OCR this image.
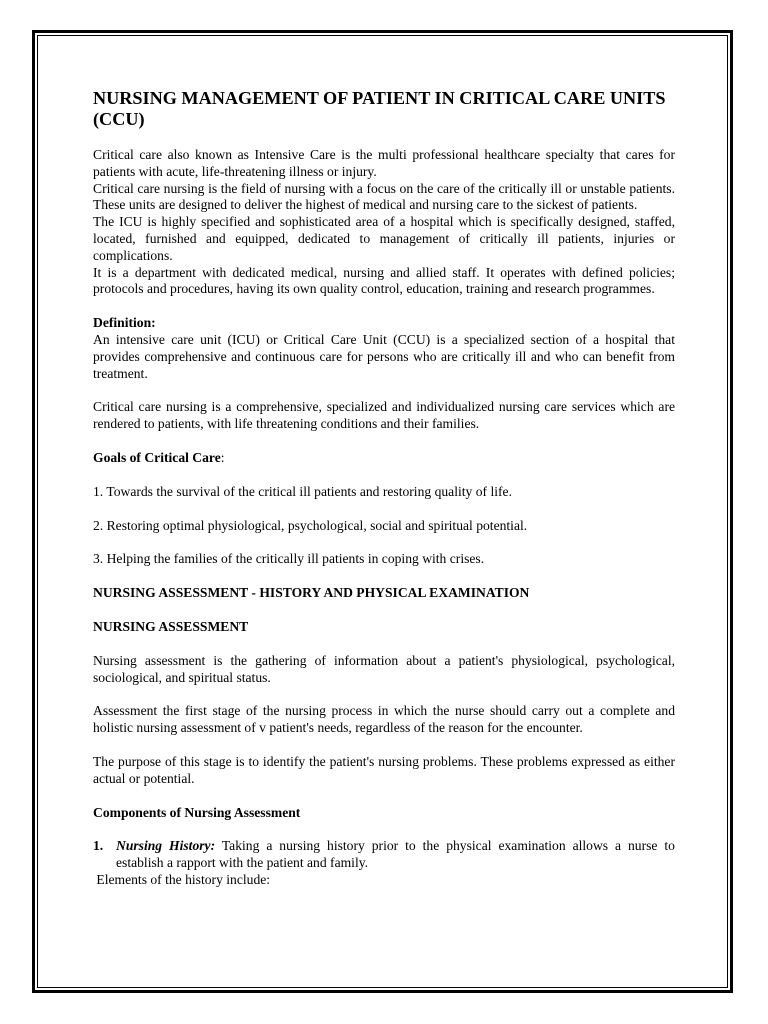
NURSING MANAGEMENT OF PATIENT IN CRITICAL CARE UNITS (CCU)

Critical care also known as Intensive Care is the multi professional healthcare specialty that cares for patients with acute, life-threatening illness or injury.

Critical care nursing is the field of nursing with a focus on the care of the critically ill or unstable patients. These units are designed to deliver the highest of medical and nursing care to the sickest of patients.

The ICU is highly specified and sophisticated area of a hospital which is specifically designed, staffed, located, furnished and equipped, dedicated to management of critically ill patients, injuries or complications.

It is a department with dedicated medical, nursing and allied staff. It operates with defined policies; protocols and procedures, having its own quality control, education, training and research programmes.

Definition:

An intensive care unit (ICU) or Critical Care Unit (CCU) is a specialized section of a hospital that provides comprehensive and continuous care for persons who are critically ill and who can benefit from treatment.

Critical care nursing is a comprehensive, specialized and individualized nursing care services which are rendered to patients, with life threatening conditions and their families.

Goals of Critical Care:

1. Towards the survival of the critical ill patients and restoring quality of life.

2. Restoring optimal physiological, psychological, social and spiritual potential.

3. Helping the families of the critically ill patients in coping with crises.

NURSING ASSESSMENT - HISTORY AND PHYSICAL EXAMINATION

NURSING ASSESSMENT

Nursing assessment is the gathering of information about a patient's physiological, psychological, sociological, and spiritual status.

Assessment the first stage of the nursing process in which the nurse should carry out a complete and holistic nursing assessment of v patient's needs, regardless of the reason for the encounter.

The purpose of this stage is to identify the patient's nursing problems. These problems expressed as either actual or potential.

Components of Nursing Assessment

1. Nursing History: Taking a nursing history prior to the physical examination allows a nurse to establish a rapport with the patient and family.

Elements of the history include:
